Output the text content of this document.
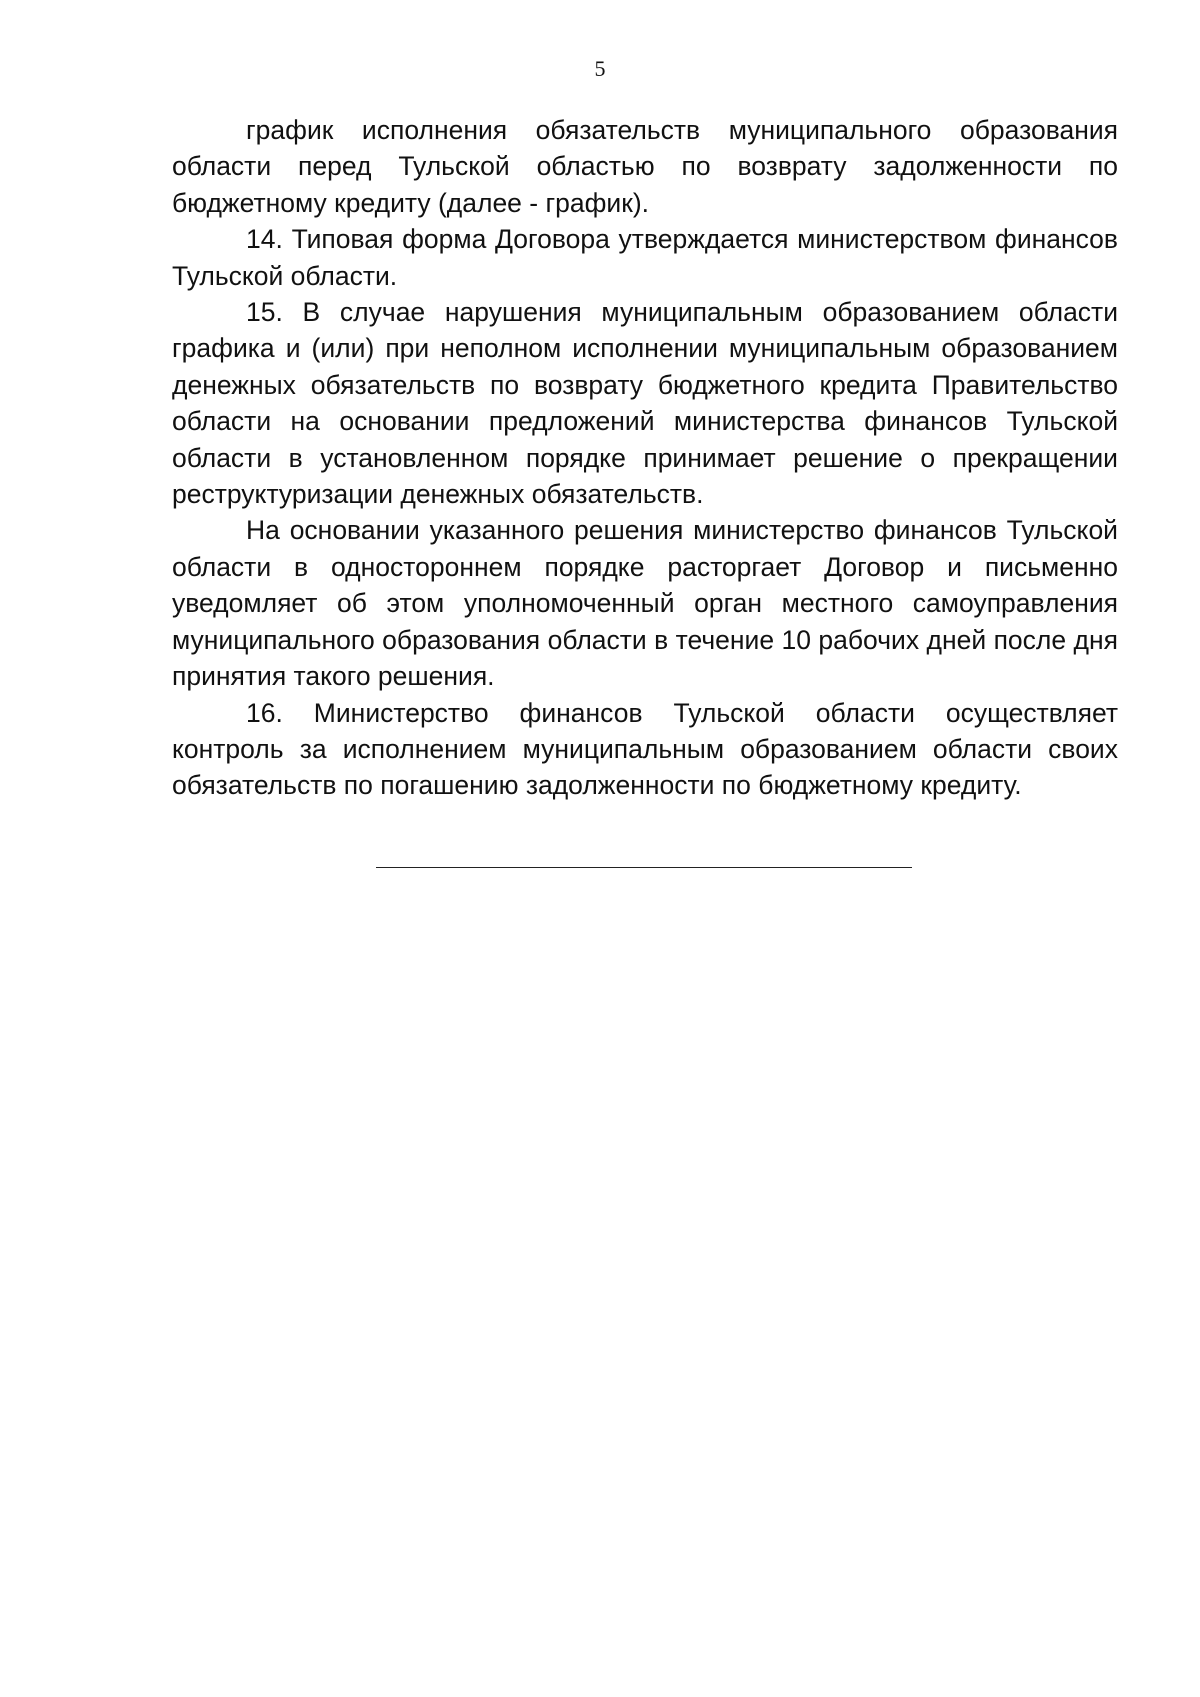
5

график исполнения обязательств муниципального образования области перед Тульской областью по возврату задолженности по бюджетному кредиту (далее - график).

14. Типовая форма Договора утверждается министерством финансов Тульской области.

15. В случае нарушения муниципальным образованием области графика и (или) при неполном исполнении муниципальным образованием денежных обязательств по возврату бюджетного кредита Правительство области на основании предложений министерства финансов Тульской области в установленном порядке принимает решение о прекращении реструктуризации денежных обязательств.

На основании указанного решения министерство финансов Тульской области в одностороннем порядке расторгает Договор и письменно уведомляет об этом уполномоченный орган местного самоуправления муниципального образования области в течение 10 рабочих дней после дня принятия такого решения.

16. Министерство финансов Тульской области осуществляет контроль за исполнением муниципальным образованием области своих обязательств по погашению задолженности по бюджетному кредиту.
